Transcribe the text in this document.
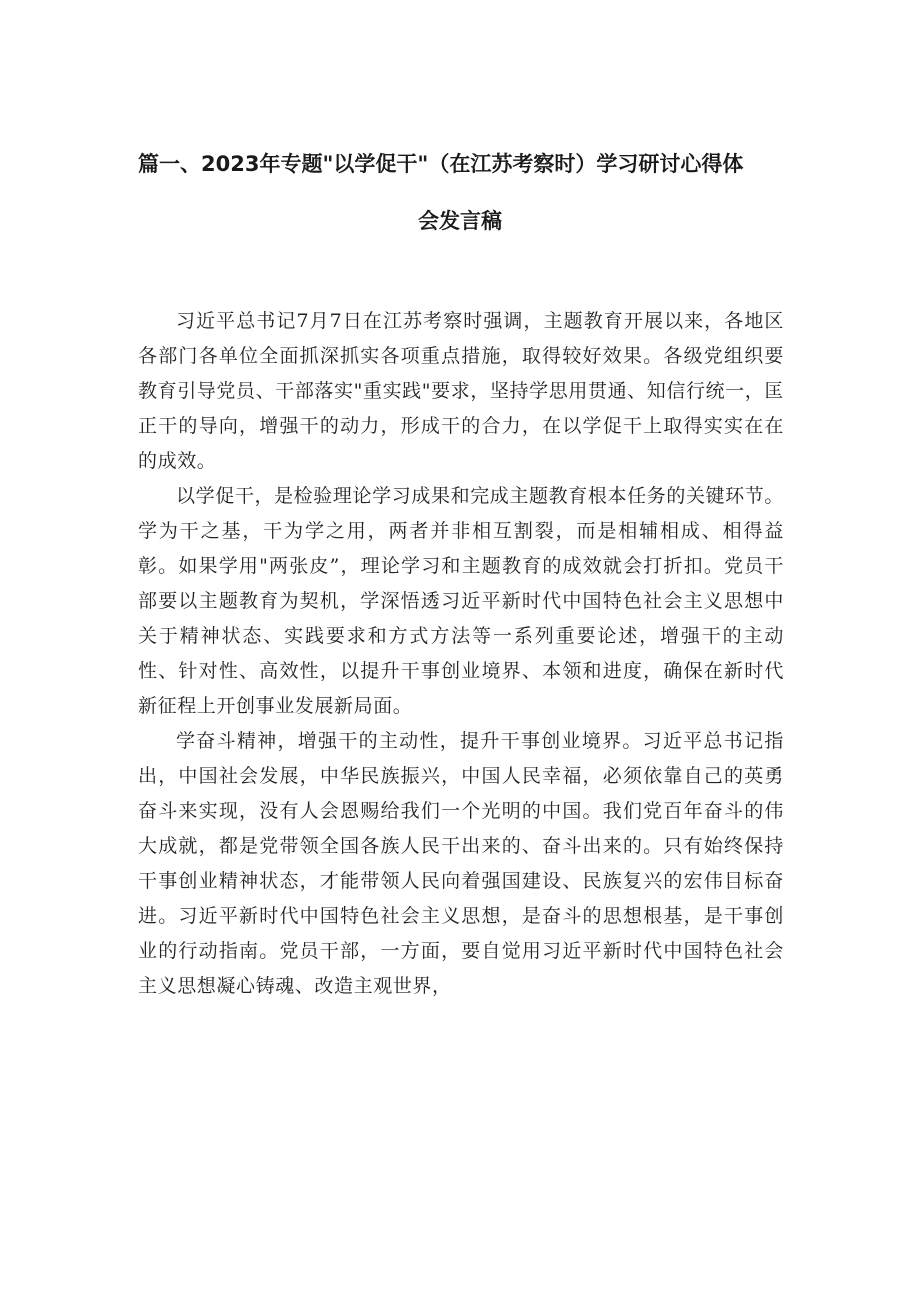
篇一、2023年专题"以学促干"（在江苏考察时）学习研讨心得体
会发言稿

习近平总书记7月7日在江苏考察时强调，主题教育开展以来，各地区各部门各单位全面抓深抓实各项重点措施，取得较好效果。各级党组织要教育引导党员、干部落实"重实践"要求，坚持学思用贯通、知信行统一，匡正干的导向，增强干的动力，形成干的合力，在以学促干上取得实实在在的成效。

以学促干，是检验理论学习成果和完成主题教育根本任务的关键环节。学为干之基，干为学之用，两者并非相互割裂，而是相辅相成、相得益彰。如果学用"两张皮”，理论学习和主题教育的成效就会打折扣。党员干部要以主题教育为契机，学深悟透习近平新时代中国特色社会主义思想中关于精神状态、实践要求和方式方法等一系列重要论述，增强干的主动性、针对性、高效性，以提升干事创业境界、本领和进度，确保在新时代新征程上开创事业发展新局面。

学奋斗精神，增强干的主动性，提升干事创业境界。习近平总书记指出，中国社会发展，中华民族振兴，中国人民幸福，必须依靠自己的英勇奋斗来实现，没有人会恩赐给我们一个光明的中国。我们党百年奋斗的伟大成就，都是党带领全国各族人民干出来的、奋斗出来的。只有始终保持干事创业精神状态，才能带领人民向着强国建设、民族复兴的宏伟目标奋进。习近平新时代中国特色社会主义思想，是奋斗的思想根基，是干事创业的行动指南。党员干部，一方面，要自觉用习近平新时代中国特色社会主义思想凝心铸魂、改造主观世界，
